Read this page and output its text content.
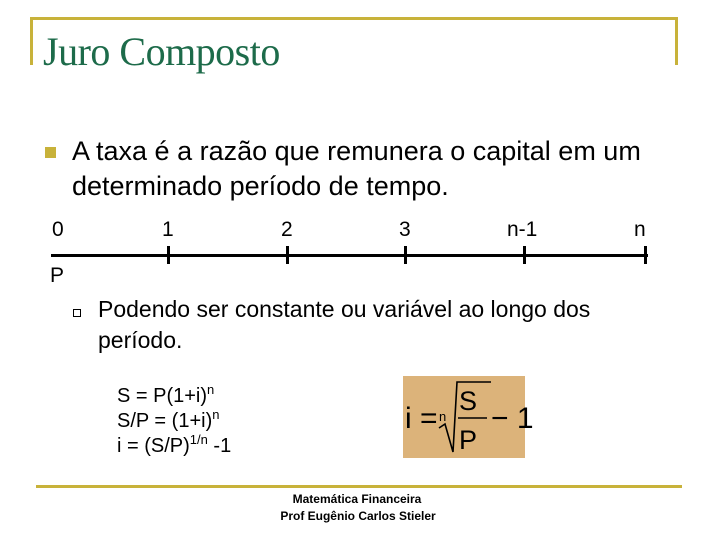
Juro Composto
A taxa é a razão que remunera o capital em um determinado período de tempo.
0	1	2	3	n-1	n
P
Podendo ser constante ou variável ao longo dos período.
$S = P(1+i)^n$
$S/P = (1+i)^n$
$i = (S/P)^{1/n}$ -1
i = n
S
P
− 1
Matemática Financeira
Prof Eugênio Carlos Stieler
